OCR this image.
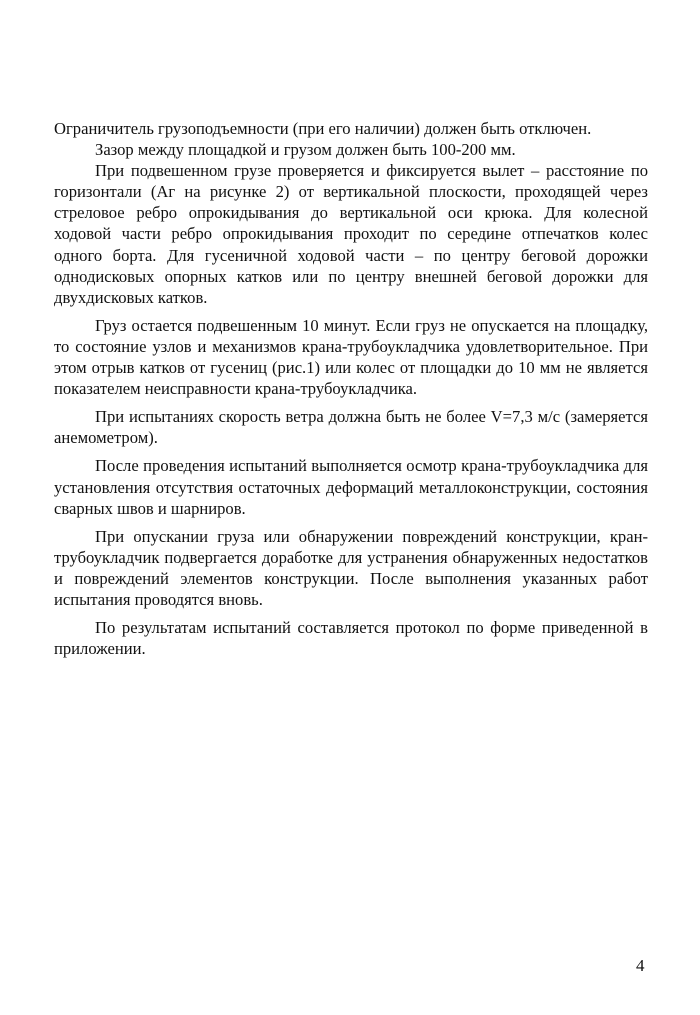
Ограничитель грузоподъемности (при его наличии) должен быть отключен.

Зазор между площадкой и грузом должен быть 100-200 мм.

При подвешенном грузе проверяется и фиксируется вылет – расстояние по горизонтали (Аг на рисунке 2) от вертикальной плоскости, проходящей через стреловое ребро опрокидывания до вертикальной оси крюка. Для колесной ходовой части ребро опрокидывания проходит по середине отпечатков колес одного борта. Для гусеничной ходовой части – по центру беговой дорожки однодисковых опорных катков или по центру внешней беговой дорожки для двухдисковых катков.

Груз остается подвешенным 10 минут. Если груз не опускается на площадку, то состояние узлов и механизмов крана-трубоукладчика удовлетворительное. При этом отрыв катков от гусениц (рис.1) или колес от площадки до 10 мм не является показателем неисправности крана-трубоукладчика.

При испытаниях скорость ветра должна быть не более V=7,3 м/с (замеряется анемометром).

После проведения испытаний выполняется осмотр крана-трубоукладчика для установления отсутствия остаточных деформаций металлоконструкции, состояния сварных швов и шарниров.

При опускании груза или обнаружении повреждений конструкции, кран-трубоукладчик подвергается доработке для устранения обнаруженных недостатков и повреждений элементов конструкции. После выполнения указанных работ испытания проводятся вновь.

По результатам испытаний составляется протокол по форме приведенной в приложении.

4
